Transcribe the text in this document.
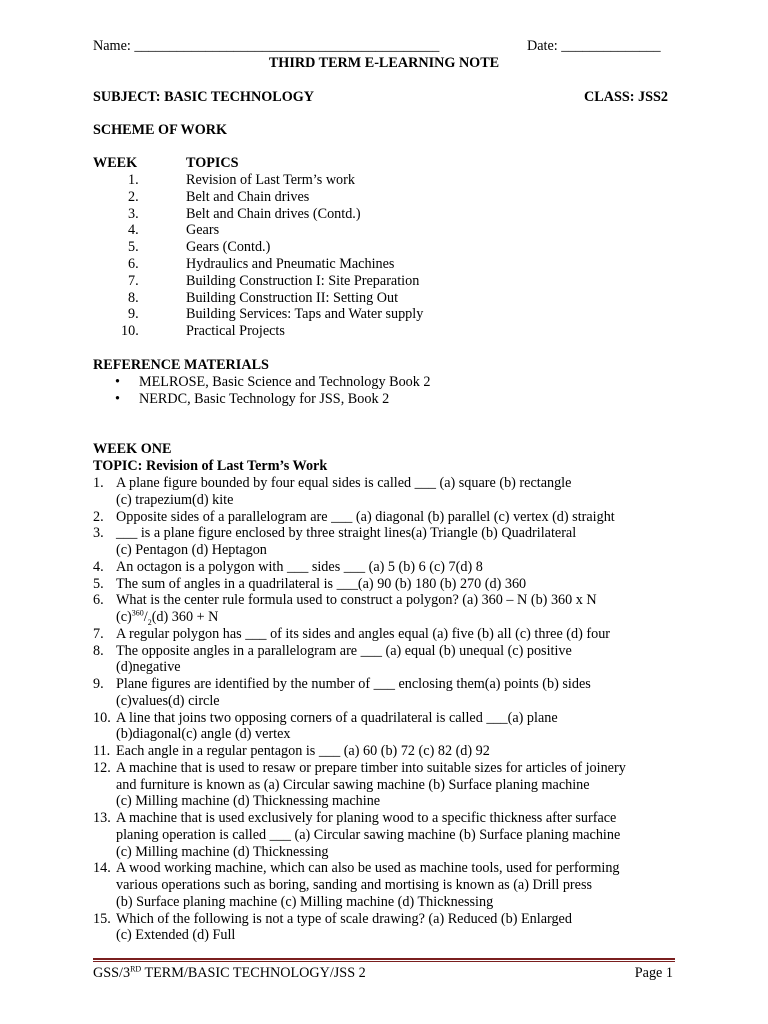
Name: ___________________________________________	Date: ______________
THIRD TERM E-LEARNING NOTE
SUBJECT: BASIC TECHNOLOGY	CLASS: JSS2
SCHEME OF WORK
WEEK	TOPICS
1.	Revision of Last Term’s work
2.	Belt and Chain drives
3.	Belt and Chain drives (Contd.)
4.	Gears
5.	Gears (Contd.)
6.	Hydraulics and Pneumatic Machines
7.	Building Construction I: Site Preparation
8.	Building Construction II: Setting Out
9.	Building Services: Taps and Water supply
10.	Practical Projects
REFERENCE MATERIALS
• MELROSE, Basic Science and Technology Book 2
• NERDC, Basic Technology for JSS, Book 2
WEEK ONE
TOPIC: Revision of Last Term’s Work
1. A plane figure bounded by four equal sides is called ___ (a) square (b) rectangle
(c) trapezium(d) kite
2. Opposite sides of a parallelogram are ___ (a) diagonal (b) parallel (c) vertex (d) straight
3. ___ is a plane figure enclosed by three straight lines(a) Triangle (b) Quadrilateral
(c) Pentagon (d) Heptagon
4. An octagon is a polygon with ___ sides ___ (a) 5 (b) 6 (c) 7(d) 8
5. The sum of angles in a quadrilateral is ___(a) 90 (b) 180 (b) 270 (d) 360
6. What is the center rule formula used to construct a polygon? (a) 360 – N (b) 360 x N
$(c)^{360}/_2(d) 360 + N$
7. A regular polygon has ___ of its sides and angles equal (a) five (b) all (c) three (d) four
8. The opposite angles in a parallelogram are ___ (a) equal (b) unequal (c) positive
(d)negative
9. Plane figures are identified by the number of ___ enclosing them(a) points (b) sides
(c)values(d) circle
10. A line that joins two opposing corners of a quadrilateral is called ___(a) plane
(b)diagonal(c) angle (d) vertex
11. Each angle in a regular pentagon is ___ (a) 60 (b) 72 (c) 82 (d) 92
12. A machine that is used to resaw or prepare timber into suitable sizes for articles of joinery
and furniture is known as (a) Circular sawing machine (b) Surface planing machine
(c) Milling machine (d) Thicknessing machine
13. A machine that is used exclusively for planing wood to a specific thickness after surface
planing operation is called ___ (a) Circular sawing machine (b) Surface planing machine
(c) Milling machine (d) Thicknessing
14. A wood working machine, which can also be used as machine tools, used for performing
various operations such as boring, sanding and mortising is known as (a) Drill press
(b) Surface planing machine (c) Milling machine (d) Thicknessing
15. Which of the following is not a type of scale drawing? (a) Reduced (b) Enlarged
(c) Extended (d) Full
GSS/3RD TERM/BASIC TECHNOLOGY/JSS 2	Page 1
